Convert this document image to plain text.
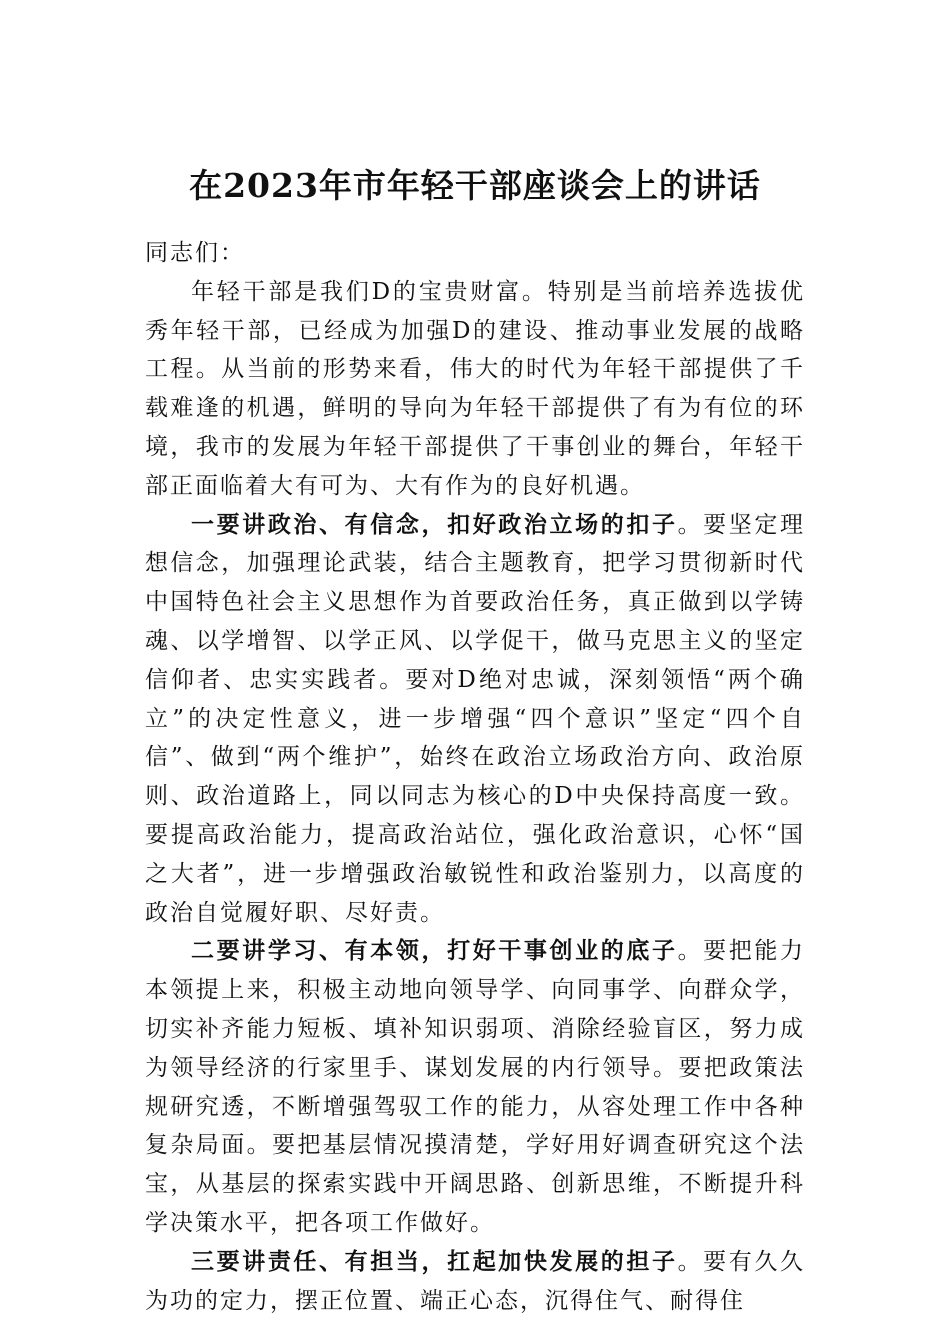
在2023年市年轻干部座谈会上的讲话

同志们：

年轻干部是我们D的宝贵财富。特别是当前培养选拔优秀年轻干部，已经成为加强D的建设、推动事业发展的战略工程。从当前的形势来看，伟大的时代为年轻干部提供了千载难逢的机遇，鲜明的导向为年轻干部提供了有为有位的环境，我市的发展为年轻干部提供了干事创业的舞台，年轻干部正面临着大有可为、大有作为的良好机遇。

一要讲政治、有信念，扣好政治立场的扣子。要坚定理想信念，加强理论武装，结合主题教育，把学习贯彻新时代中国特色社会主义思想作为首要政治任务，真正做到以学铸魂、以学增智、以学正风、以学促干，做马克思主义的坚定信仰者、忠实实践者。要对D绝对忠诚，深刻领悟“两个确立”的决定性意义，进一步增强“四个意识”坚定“四个自信”、做到“两个维护”，始终在政治立场政治方向、政治原则、政治道路上，同以同志为核心的D中央保持高度一致。要提高政治能力，提高政治站位，强化政治意识，心怀“国之大者”，进一步增强政治敏锐性和政治鉴别力，以高度的政治自觉履好职、尽好责。

二要讲学习、有本领，打好干事创业的底子。要把能力本领提上来，积极主动地向领导学、向同事学、向群众学，切实补齐能力短板、填补知识弱项、消除经验盲区，努力成为领导经济的行家里手、谋划发展的内行领导。要把政策法规研究透，不断增强驾驭工作的能力，从容处理工作中各种复杂局面。要把基层情况摸清楚，学好用好调查研究这个法宝，从基层的探索实践中开阔思路、创新思维，不断提升科学决策水平，把各项工作做好。

三要讲责任、有担当，扛起加快发展的担子。要有久久为功的定力，摆正位置、端正心态，沉得住气、耐得住
